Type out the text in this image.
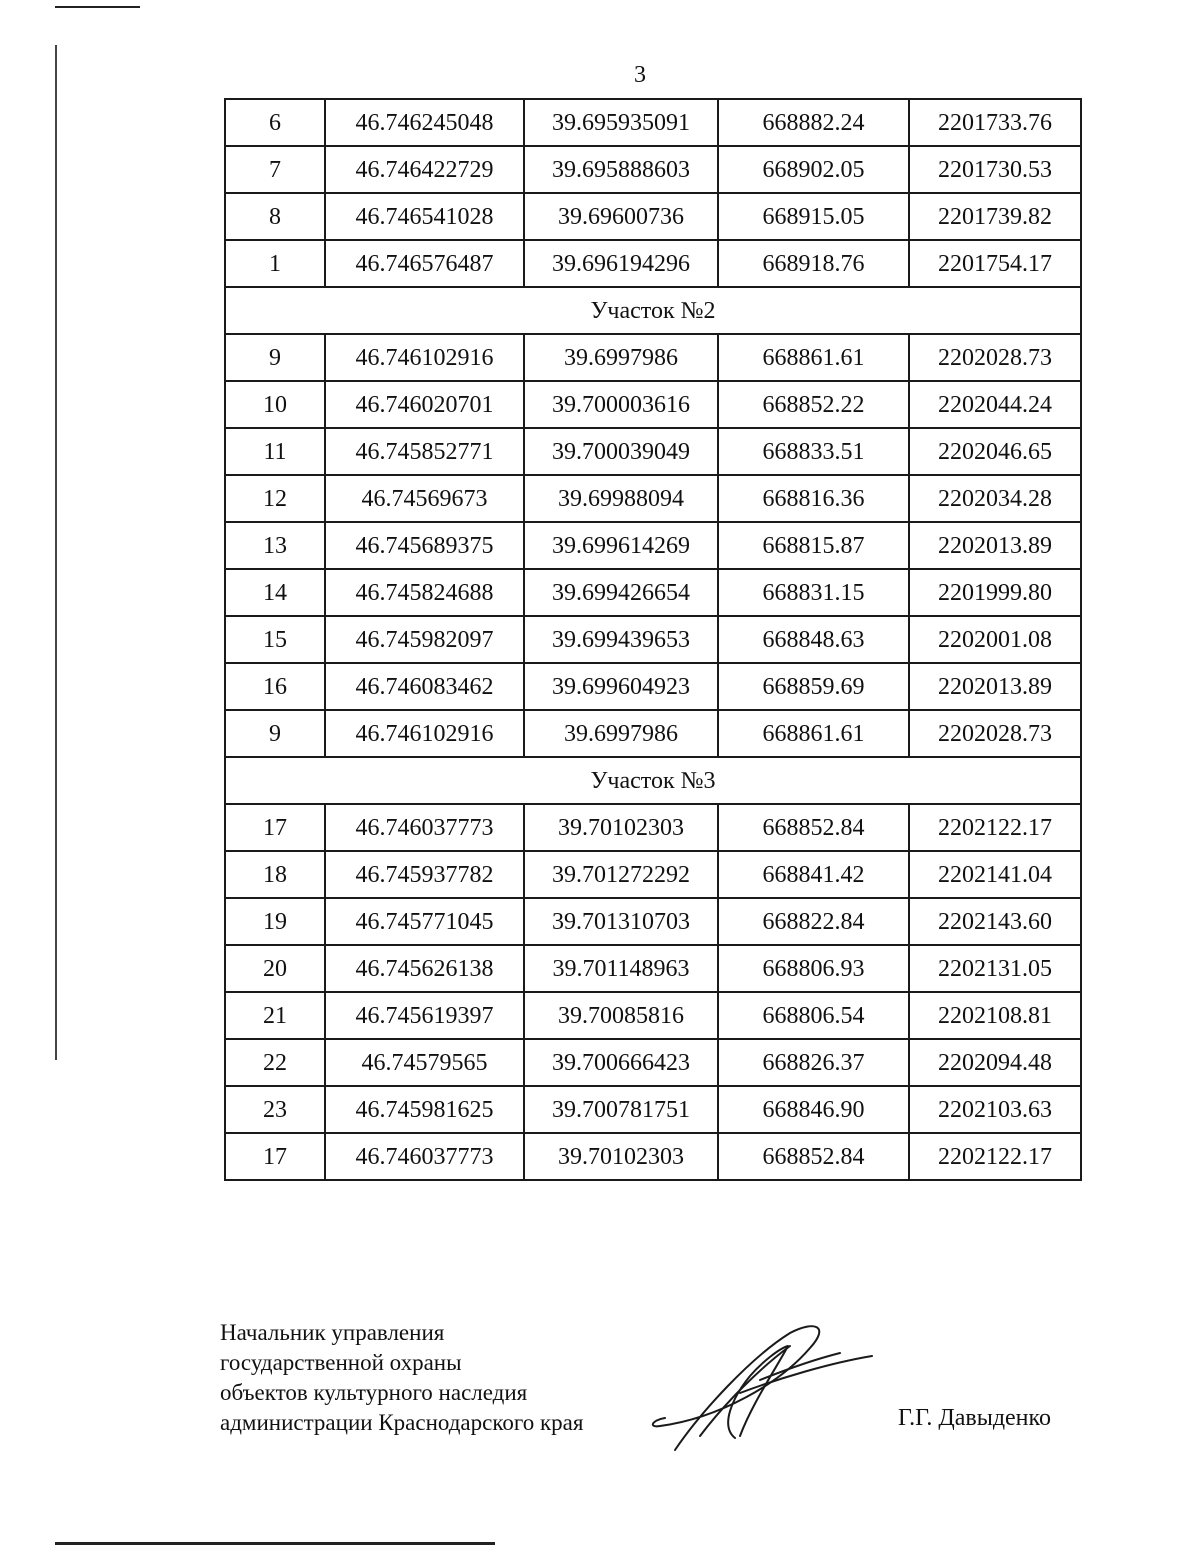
3
6	46.746245048	39.695935091	668882.24	2201733.76
7	46.746422729	39.695888603	668902.05	2201730.53
8	46.746541028	39.69600736	668915.05	2201739.82
1	46.746576487	39.696194296	668918.76	2201754.17
Участок №2				
9	46.746102916	39.6997986	668861.61	2202028.73
10	46.746020701	39.700003616	668852.22	2202044.24
11	46.745852771	39.700039049	668833.51	2202046.65
12	46.74569673	39.69988094	668816.36	2202034.28
13	46.745689375	39.699614269	668815.87	2202013.89
14	46.745824688	39.699426654	668831.15	2201999.80
15	46.745982097	39.699439653	668848.63	2202001.08
16	46.746083462	39.699604923	668859.69	2202013.89
9	46.746102916	39.6997986	668861.61	2202028.73
Участок №3				
17	46.746037773	39.70102303	668852.84	2202122.17
18	46.745937782	39.701272292	668841.42	2202141.04
19	46.745771045	39.701310703	668822.84	2202143.60
20	46.745626138	39.701148963	668806.93	2202131.05
21	46.745619397	39.70085816	668806.54	2202108.81
22	46.74579565	39.700666423	668826.37	2202094.48
23	46.745981625	39.700781751	668846.90	2202103.63
17	46.746037773	39.70102303	668852.84	2202122.17
Начальник управления
государственной охраны
объектов культурного наследия
администрации Краснодарского края	Г.Г. Давыденко
